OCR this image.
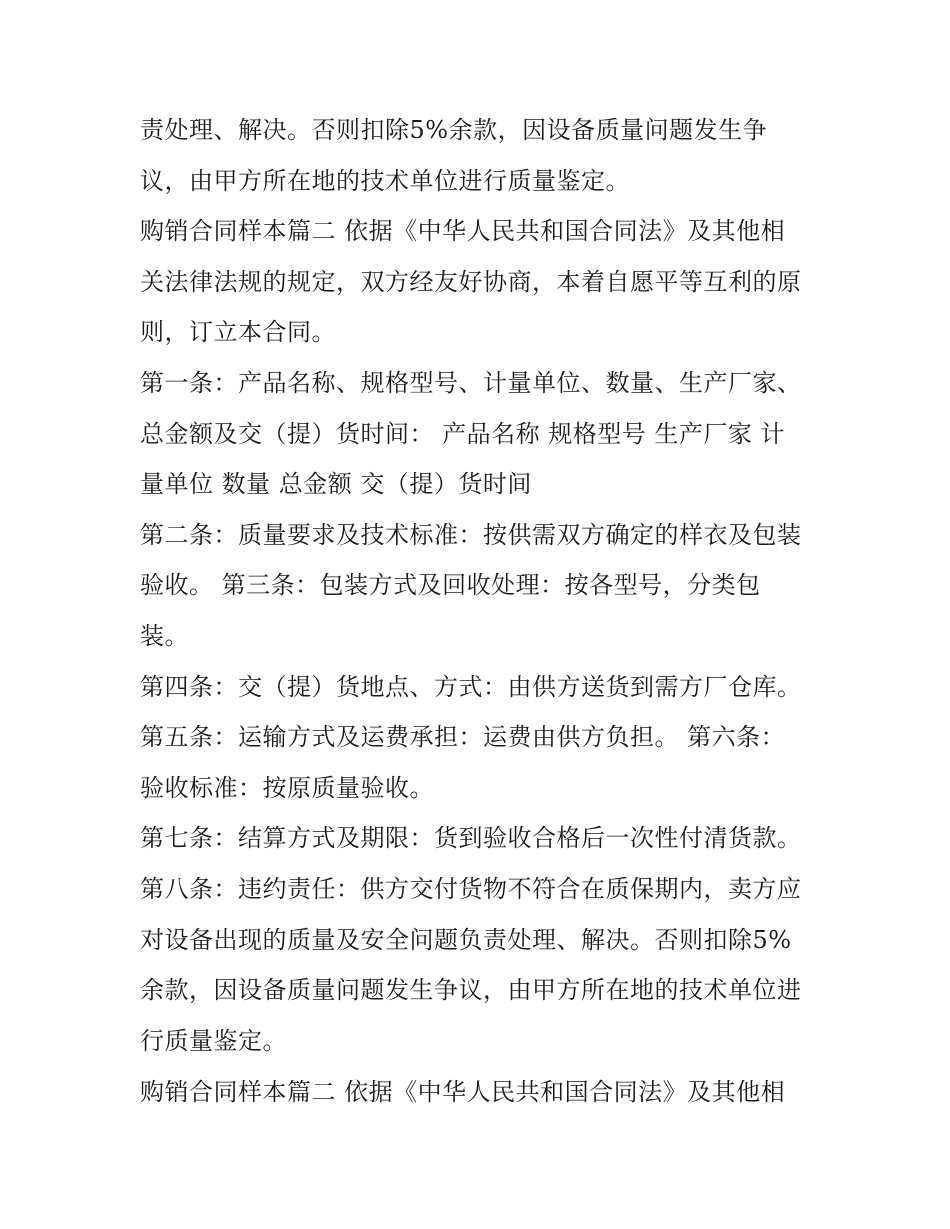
责处理、解决。否则扣除5%余款，因设备质量问题发生争
议，由甲方所在地的技术单位进行质量鉴定。
购销合同样本篇二 依据《中华人民共和国合同法》及其他相
关法律法规的规定，双方经友好协商，本着自愿平等互利的原
则，订立本合同。
第一条：产品名称、规格型号、计量单位、数量、生产厂家、
总金额及交（提）货时间： 产品名称 规格型号 生产厂家 计
量单位 数量 总金额 交（提）货时间
第二条：质量要求及技术标准：按供需双方确定的样衣及包装
验收。 第三条：包装方式及回收处理：按各型号，分类包
装。
第四条：交（提）货地点、方式：由供方送货到需方厂仓库。
第五条：运输方式及运费承担：运费由供方负担。 第六条：
验收标准：按原质量验收。
第七条：结算方式及期限：货到验收合格后一次性付清货款。
第八条：违约责任：供方交付货物不符合在质保期内，卖方应
对设备出现的质量及安全问题负责处理、解决。否则扣除5%
余款，因设备质量问题发生争议，由甲方所在地的技术单位进
行质量鉴定。
购销合同样本篇二 依据《中华人民共和国合同法》及其他相
